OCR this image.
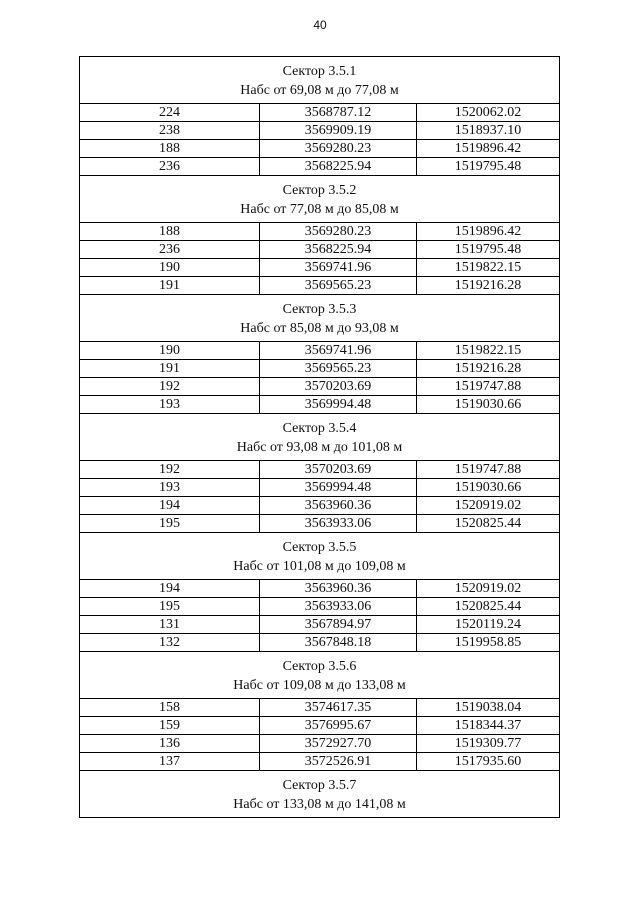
40
Сектор 3.5.1
Набс от 69,08 м до 77,08 м		

224	3568787.12	1520062.02
238	3569909.19	1518937.10
188	3569280.23	1519896.42
236	3568225.94	1519795.48

Сектор 3.5.2
Набс от 77,08 м до 85,08 м		

188	3569280.23	1519896.42
236	3568225.94	1519795.48
190	3569741.96	1519822.15
191	3569565.23	1519216.28

Сектор 3.5.3
Набс от 85,08 м до 93,08 м		

190	3569741.96	1519822.15
191	3569565.23	1519216.28
192	3570203.69	1519747.88
193	3569994.48	1519030.66

Сектор 3.5.4
Набс от 93,08 м до 101,08 м		

192	3570203.69	1519747.88
193	3569994.48	1519030.66
194	3563960.36	1520919.02
195	3563933.06	1520825.44

Сектор 3.5.5
Набс от 101,08 м до 109,08 м		

194	3563960.36	1520919.02
195	3563933.06	1520825.44
131	3567894.97	1520119.24
132	3567848.18	1519958.85

Сектор 3.5.6
Набс от 109,08 м до 133,08 м		

158	3574617.35	1519038.04
159	3576995.67	1518344.37
136	3572927.70	1519309.77
137	3572526.91	1517935.60

Сектор 3.5.7
Набс от 133,08 м до 141,08 м		
